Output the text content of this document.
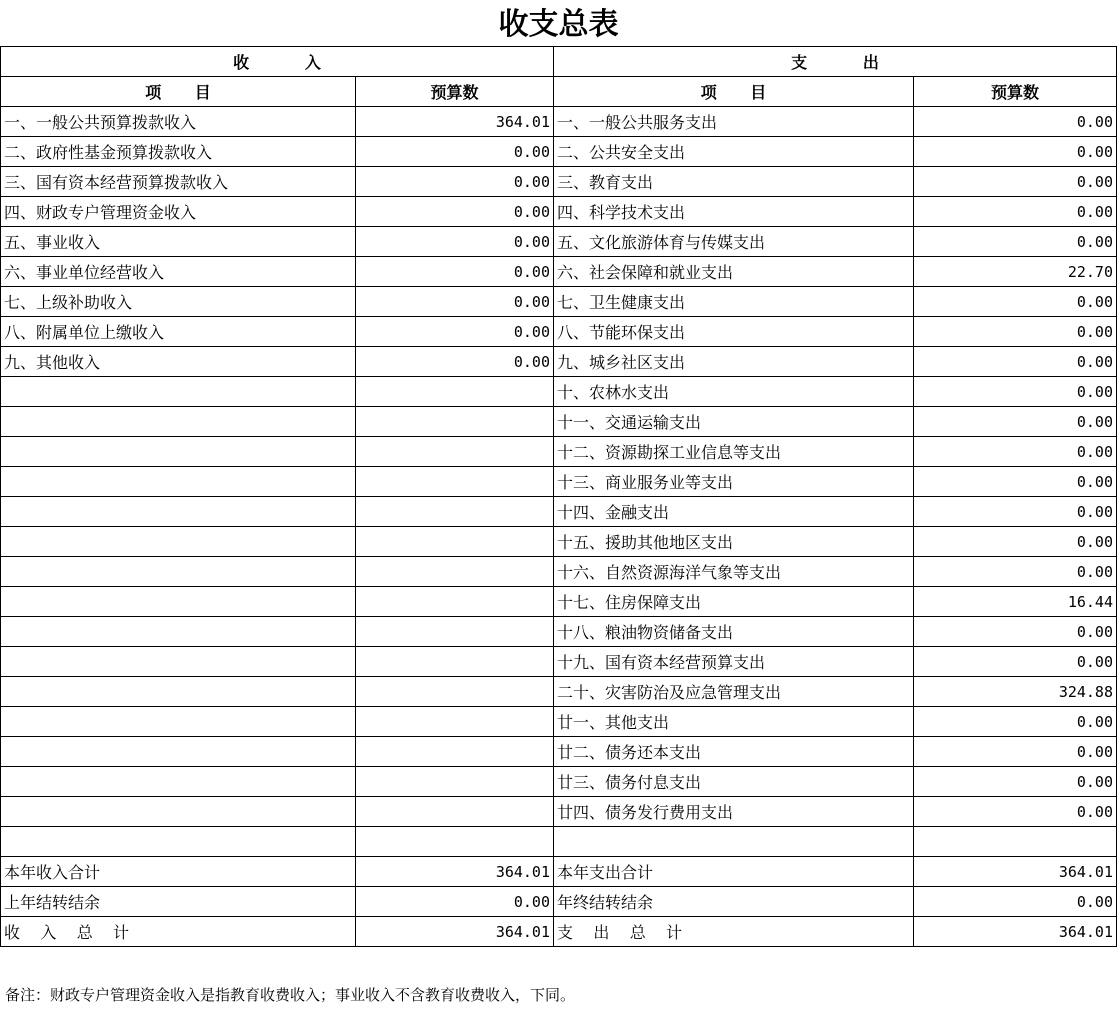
收支总表
收          入		支          出	
项      目	预算数	项      目	预算数
一、一般公共预算拨款收入	364.01	一、一般公共服务支出	0.00
二、政府性基金预算拨款收入	0.00	二、公共安全支出	0.00
三、国有资本经营预算拨款收入	0.00	三、教育支出	0.00
四、财政专户管理资金收入	0.00	四、科学技术支出	0.00
五、事业收入	0.00	五、文化旅游体育与传媒支出	0.00
六、事业单位经营收入	0.00	六、社会保障和就业支出	22.70
七、上级补助收入	0.00	七、卫生健康支出	0.00
八、附属单位上缴收入	0.00	八、节能环保支出	0.00
九、其他收入	0.00	九、城乡社区支出	0.00
		十、农林水支出	0.00
		十一、交通运输支出	0.00
		十二、资源勘探工业信息等支出	0.00
		十三、商业服务业等支出	0.00
		十四、金融支出	0.00
		十五、援助其他地区支出	0.00
		十六、自然资源海洋气象等支出	0.00
		十七、住房保障支出	16.44
		十八、粮油物资储备支出	0.00
		十九、国有资本经营预算支出	0.00
		二十、灾害防治及应急管理支出	324.88
		廿一、其他支出	0.00
		廿二、债务还本支出	0.00
		廿三、债务付息支出	0.00
		廿四、债务发行费用支出	0.00

本年收入合计	364.01	本年支出合计	364.01
上年结转结余	0.00	年终结转结余	0.00
收    入    总    计	364.01	支    出    总    计	364.01
备注：财政专户管理资金收入是指教育收费收入；事业收入不含教育收费收入，下同。
